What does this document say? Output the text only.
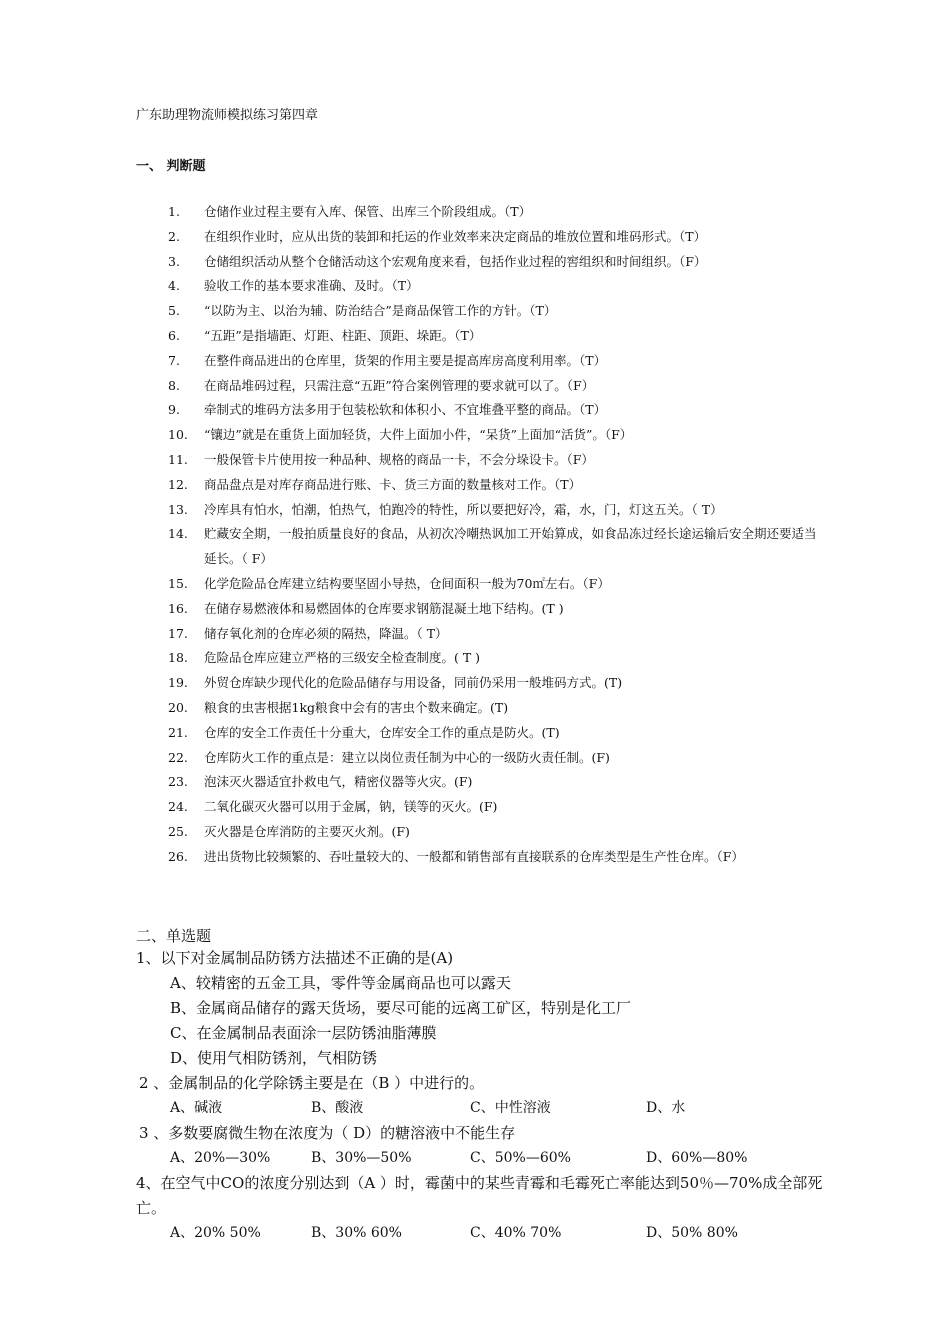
广东助理物流师模拟练习第四章
一、 判断题
1. 仓储作业过程主要有入库、保管、出库三个阶段组成。（T）
2. 在组织作业时，应从出货的装卸和托运的作业效率来决定商品的堆放位置和堆码形式。（T）
3. 仓储组织活动从整个仓储活动这个宏观角度来看，包括作业过程的窖组织和时间组织。（F）
4. 验收工作的基本要求准确、及时。（T）
5. “以防为主、以治为辅、防治结合”是商品保管工作的方针。（T）
6. “五距”是指墙距、灯距、柱距、顶距、垛距。（T）
7. 在整件商品进出的仓库里，货架的作用主要是提高库房高度利用率。（T）
8. 在商品堆码过程，只需注意“五距”符合案例管理的要求就可以了。（F）
9. 牵制式的堆码方法多用于包装松软和体积小、不宜堆叠平整的商品。（T）
10. “镶边”就是在重货上面加轻货，大件上面加小件，“呆货”上面加“活货”。（F）
11. 一般保管卡片使用按一种品种、规格的商品一卡，不会分垛设卡。（F）
12. 商品盘点是对库存商品进行账、卡、货三方面的数量核对工作。（T）
13. 冷库具有怕水，怕潮，怕热气，怕跑冷的特性，所以要把好冷，霜，水，门，灯这五关。（ T）
14. 贮藏安全期，一般拍质量良好的食品，从初次冷嘲热讽加工开始算成，如食品冻过经长途运输后安全期还要适当延长。（ F）
15. 化学危险品仓库建立结构要坚固小导热，仓间面积一般为70㎡左右。（F）
16. 在储存易燃液体和易燃固体的仓库要求钢筋混凝土地下结构。(T )
17. 储存氧化剂的仓库必须的隔热，降温。（ T）
18. 危险品仓库应建立严格的三级安全检查制度。( T )
19. 外贸仓库缺少现代化的危险品储存与用设备，同前仍采用一般堆码方式。(T)
20. 粮食的虫害根据1kg粮食中会有的害虫个数来确定。(T)
21. 仓库的安全工作责任十分重大，仓库安全工作的重点是防火。(T)
22. 仓库防火工作的重点是：建立以岗位责任制为中心的一级防火责任制。(F)
23. 泡沫灭火器适宜扑救电气，精密仪器等火灾。(F)
24. 二氧化碳灭火器可以用于金属，钠，镁等的灭火。(F)
25. 灭火器是仓库消防的主要灭火剂。(F)
26. 进出货物比较频繁的、吞吐量较大的、一般都和销售部有直接联系的仓库类型是生产性仓库。（F）
二、单选题

1、以下对金属制品防锈方法描述不正确的是(A)

A、较精密的五金工具，零件等金属商品也可以露天

B、金属商品储存的露天货场，要尽可能的远离工矿区，特别是化工厂

C、在金属制品表面涂一层防锈油脂薄膜

D、使用气相防锈剂，气相防锈

2 、金属制品的化学除锈主要是在（B ）中进行的。

A、碱液	B、酸液	C、中性溶液	D、水

3 、多数要腐微生物在浓度为（ D）的糖溶液中不能生存

A、20%—30%	B、30%—50%	C、50%—60%	D、60%—80%

4、在空气中CO的浓度分别达到（A ）时，霉菌中的某些青霉和毛霉死亡率能达到50％—70%成全部死亡。

A、20% 50%	B、30% 60%	C、40% 70%	D、50% 80%
